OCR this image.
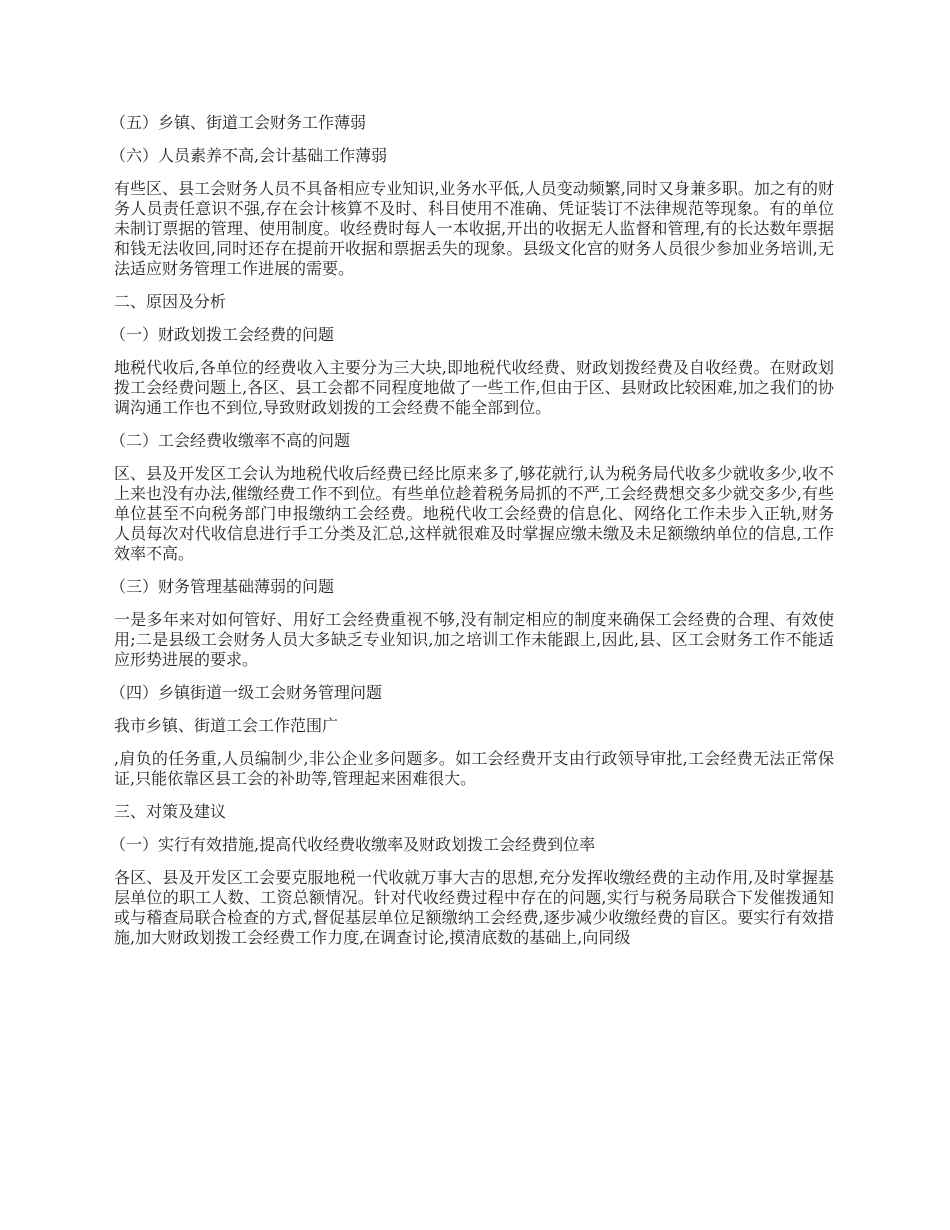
（五）乡镇、街道工会财务工作薄弱

（六）人员素养不高,会计基础工作薄弱

有些区、县工会财务人员不具备相应专业知识,业务水平低,人员变动频繁,同时又身兼多职。加之有的财务人员责任意识不强,存在会计核算不及时、科目使用不准确、凭证装订不法律规范等现象。有的单位未制订票据的管理、使用制度。收经费时每人一本收据,开出的收据无人监督和管理,有的长达数年票据和钱无法收回,同时还存在提前开收据和票据丢失的现象。县级文化宫的财务人员很少参加业务培训,无法适应财务管理工作进展的需要。

二、原因及分析

（一）财政划拨工会经费的问题

地税代收后,各单位的经费收入主要分为三大块,即地税代收经费、财政划拨经费及自收经费。在财政划拨工会经费问题上,各区、县工会都不同程度地做了一些工作,但由于区、县财政比较困难,加之我们的协调沟通工作也不到位,导致财政划拨的工会经费不能全部到位。

（二）工会经费收缴率不高的问题

区、县及开发区工会认为地税代收后经费已经比原来多了,够花就行,认为税务局代收多少就收多少,收不上来也没有办法,催缴经费工作不到位。有些单位趁着税务局抓的不严,工会经费想交多少就交多少,有些单位甚至不向税务部门申报缴纳工会经费。地税代收工会经费的信息化、网络化工作未步入正轨,财务人员每次对代收信息进行手工分类及汇总,这样就很难及时掌握应缴未缴及未足额缴纳单位的信息,工作效率不高。

（三）财务管理基础薄弱的问题

一是多年来对如何管好、用好工会经费重视不够,没有制定相应的制度来确保工会经费的合理、有效使用;二是县级工会财务人员大多缺乏专业知识,加之培训工作未能跟上,因此,县、区工会财务工作不能适应形势进展的要求。

（四）乡镇街道一级工会财务管理问题

我市乡镇、街道工会工作范围广

,肩负的任务重,人员编制少,非公企业多问题多。如工会经费开支由行政领导审批,工会经费无法正常保证,只能依靠区县工会的补助等,管理起来困难很大。

三、对策及建议

（一）实行有效措施,提高代收经费收缴率及财政划拨工会经费到位率

各区、县及开发区工会要克服地税一代收就万事大吉的思想,充分发挥收缴经费的主动作用,及时掌握基层单位的职工人数、工资总额情况。针对代收经费过程中存在的问题,实行与税务局联合下发催拨通知或与稽查局联合检查的方式,督促基层单位足额缴纳工会经费,逐步减少收缴经费的盲区。要实行有效措施,加大财政划拨工会经费工作力度,在调查讨论,摸清底数的基础上,向同级
